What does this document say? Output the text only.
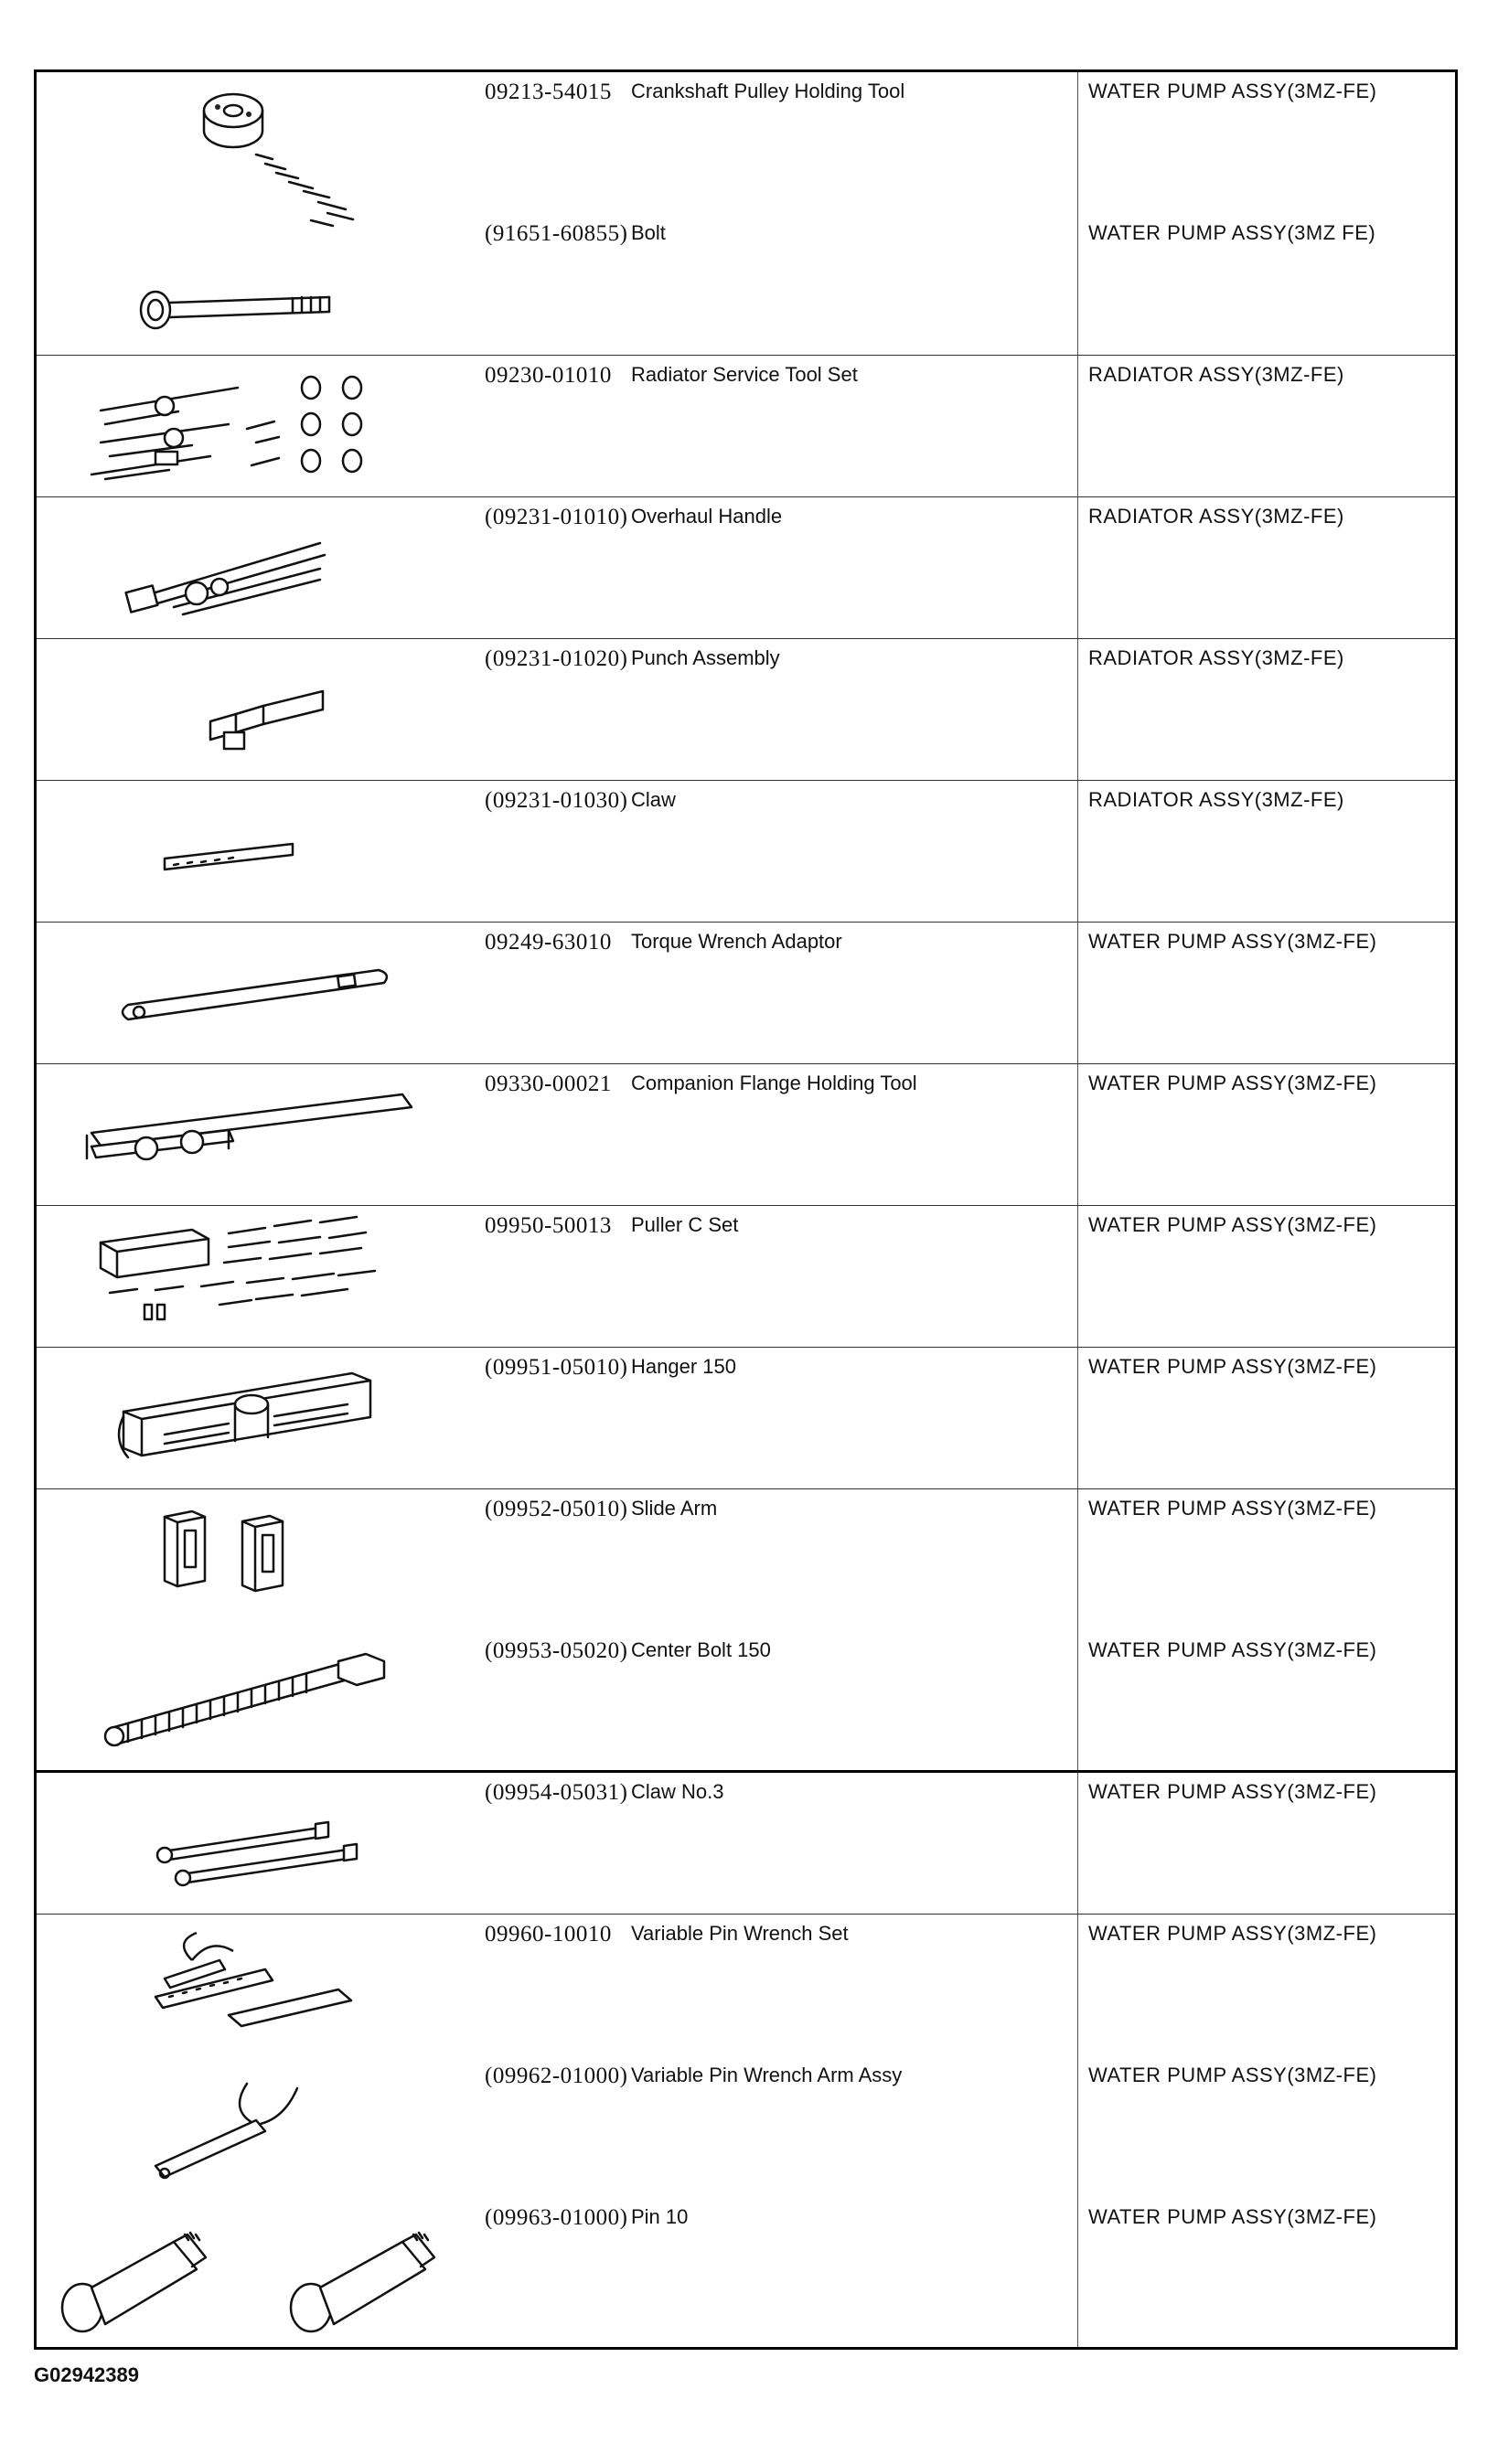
09213-54015 Crankshaft Pulley Holding Tool	WATER PUMP ASSY(3MZ-FE)
(91651-60855) Bolt	WATER PUMP ASSY(3MZ FE)
09230-01010 Radiator Service Tool Set	RADIATOR ASSY(3MZ-FE)
(09231-01010) Overhaul Handle	RADIATOR ASSY(3MZ-FE)
(09231-01020) Punch Assembly	RADIATOR ASSY(3MZ-FE)
(09231-01030) Claw	RADIATOR ASSY(3MZ-FE)
09249-63010 Torque Wrench Adaptor	WATER PUMP ASSY(3MZ-FE)
09330-00021 Companion Flange Holding Tool	WATER PUMP ASSY(3MZ-FE)
09950-50013 Puller C Set	WATER PUMP ASSY(3MZ-FE)
(09951-05010) Hanger 150	WATER PUMP ASSY(3MZ-FE)
(09952-05010) Slide Arm	WATER PUMP ASSY(3MZ-FE)
(09953-05020) Center Bolt 150	WATER PUMP ASSY(3MZ-FE)
(09954-05031) Claw No.3	WATER PUMP ASSY(3MZ-FE)
09960-10010 Variable Pin Wrench Set	WATER PUMP ASSY(3MZ-FE)
(09962-01000) Variable Pin Wrench Arm Assy	WATER PUMP ASSY(3MZ-FE)
(09963-01000) Pin 10	WATER PUMP ASSY(3MZ-FE)
G02942389
